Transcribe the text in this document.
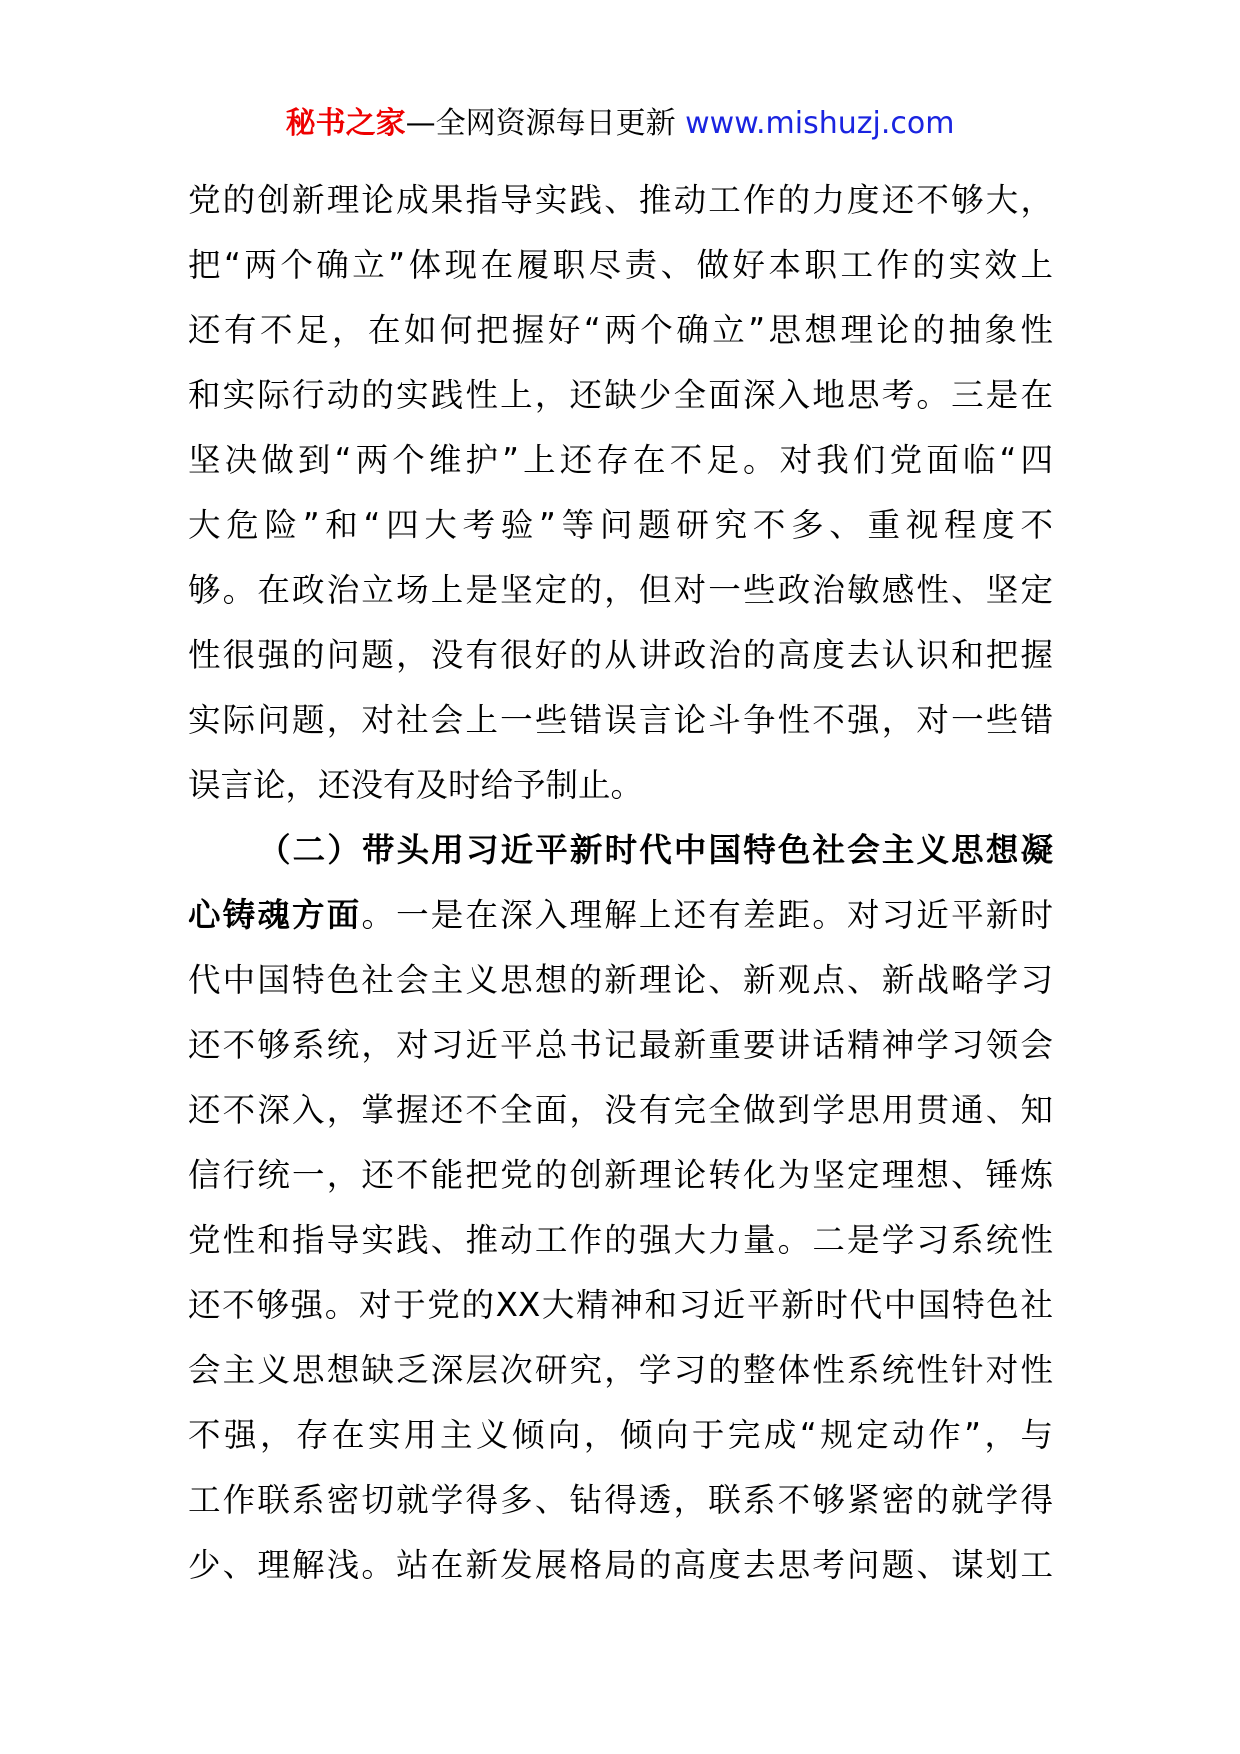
秘书之家—全网资源每日更新 www.mishuzj.com
党的创新理论成果指导实践、推动工作的力度还不够大，
把“两个确立”体现在履职尽责、做好本职工作的实效上
还有不足，在如何把握好“两个确立”思想理论的抽象性
和实际行动的实践性上，还缺少全面深入地思考。三是在
坚决做到“两个维护”上还存在不足。对我们党面临“四
大危险”和“四大考验”等问题研究不多、重视程度不
够。在政治立场上是坚定的，但对一些政治敏感性、坚定
性很强的问题，没有很好的从讲政治的高度去认识和把握
实际问题，对社会上一些错误言论斗争性不强，对一些错
误言论，还没有及时给予制止。
（二）带头用习近平新时代中国特色社会主义思想凝
心铸魂方面。一是在深入理解上还有差距。对习近平新时
代中国特色社会主义思想的新理论、新观点、新战略学习
还不够系统，对习近平总书记最新重要讲话精神学习领会
还不深入，掌握还不全面，没有完全做到学思用贯通、知
信行统一，还不能把党的创新理论转化为坚定理想、锤炼
党性和指导实践、推动工作的强大力量。二是学习系统性
还不够强。对于党的XX大精神和习近平新时代中国特色社
会主义思想缺乏深层次研究，学习的整体性系统性针对性
不强，存在实用主义倾向，倾向于完成“规定动作”，与
工作联系密切就学得多、钻得透，联系不够紧密的就学得
少、理解浅。站在新发展格局的高度去思考问题、谋划工
